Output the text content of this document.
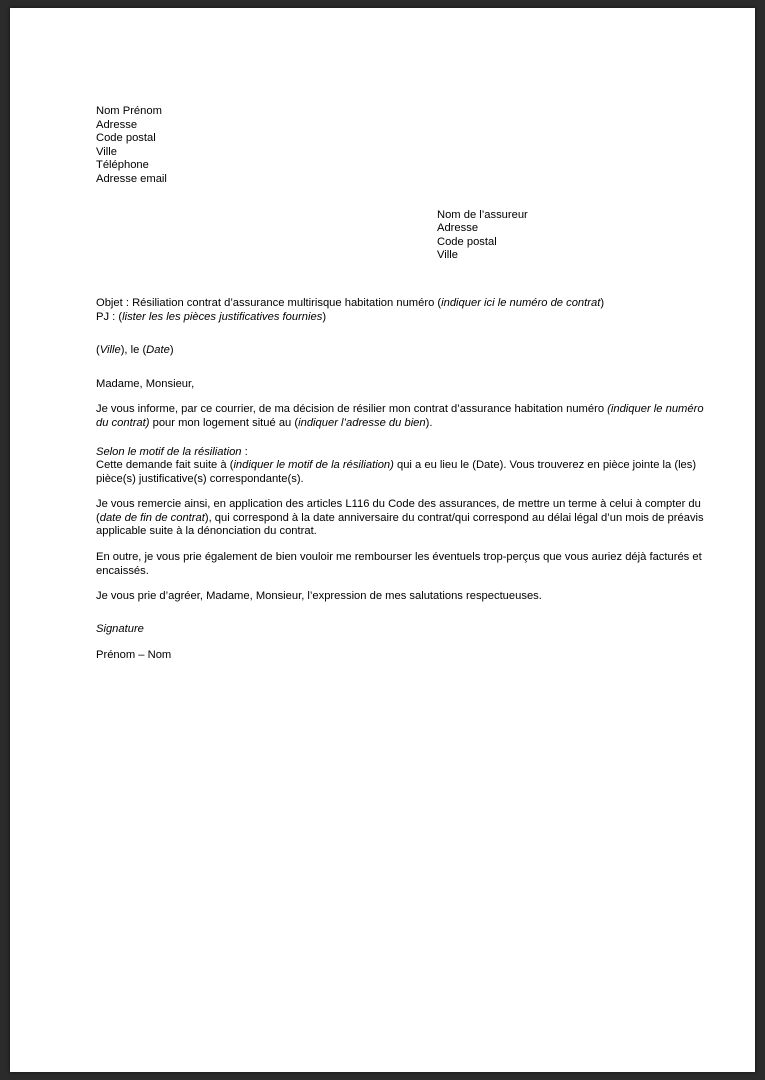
Nom Prénom
Adresse
Code postal
Ville
Téléphone
Adresse email
Nom de l’assureur
Adresse
Code postal
Ville
Objet : Résiliation contrat d’assurance multirisque habitation numéro (indiquer ici le numéro de contrat)
PJ : (lister les les pièces justificatives fournies)
(Ville), le (Date)
Madame, Monsieur,
Je vous informe, par ce courrier, de ma décision de résilier mon contrat d’assurance habitation numéro (indiquer le numéro
du contrat) pour mon logement situé au (indiquer l’adresse du bien).
Selon le motif de la résiliation :
Cette demande fait suite à (indiquer le motif de la résiliation) qui a eu lieu le (Date). Vous trouverez en pièce jointe la (les)
pièce(s) justificative(s) correspondante(s).
Je vous remercie ainsi, en application des articles L116 du Code des assurances, de mettre un terme à celui à compter du
(date de fin de contrat), qui correspond à la date anniversaire du contrat/qui correspond au délai légal d’un mois de préavis
applicable suite à la dénonciation du contrat.
En outre, je vous prie également de bien vouloir me rembourser les éventuels trop-perçus que vous auriez déjà facturés et
encaissés.
Je vous prie d’agréer, Madame, Monsieur, l’expression de mes salutations respectueuses.
Signature
Prénom – Nom
